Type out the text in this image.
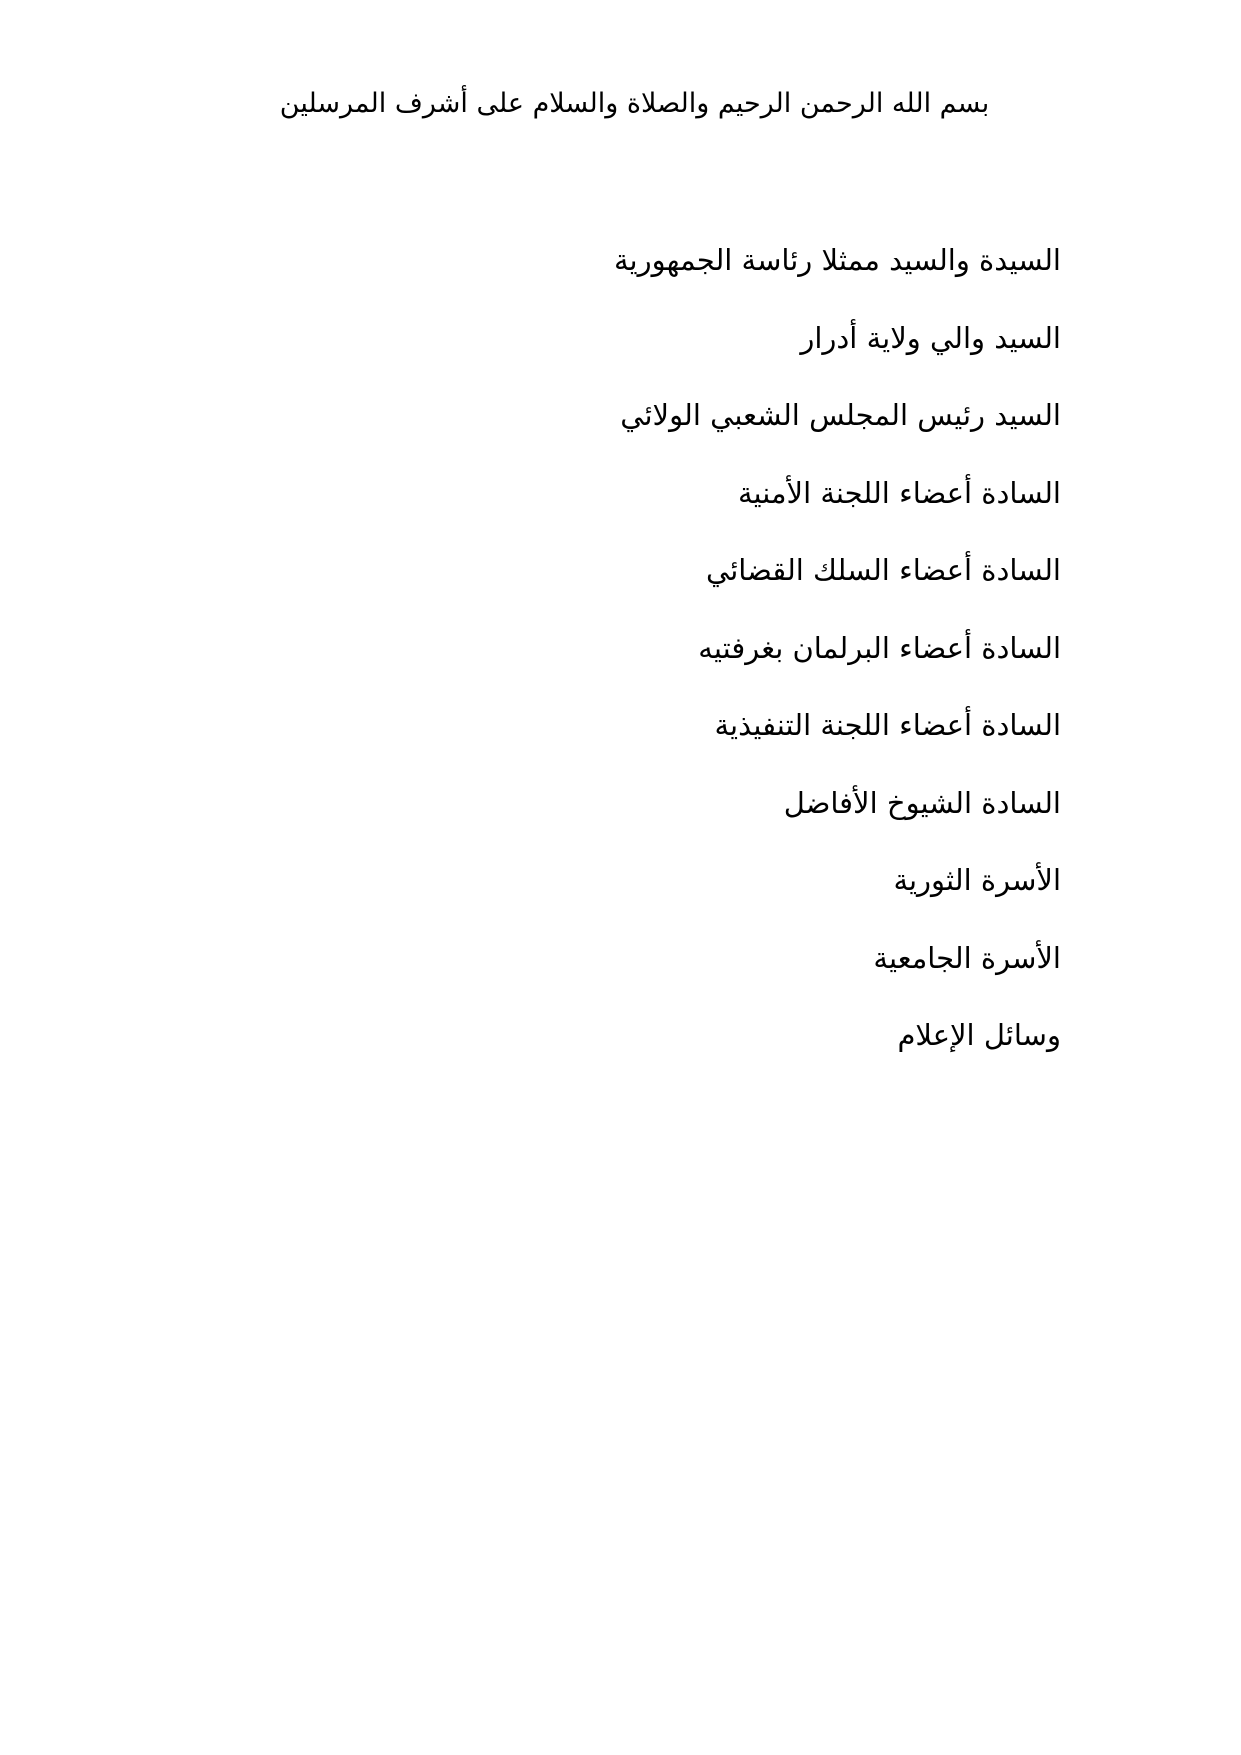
بسم الله الرحمن الرحيم والصلاة والسلام على أشرف المرسلين
السيدة والسيد ممثلا رئاسة الجمهورية
السيد والي ولاية أدرار
السيد رئيس المجلس الشعبي الولائي
السادة أعضاء اللجنة الأمنية
السادة أعضاء السلك القضائي
السادة أعضاء البرلمان بغرفتيه
السادة أعضاء اللجنة التنفيذية
السادة الشيوخ الأفاضل
الأسرة الثورية
الأسرة الجامعية
وسائل الإعلام
